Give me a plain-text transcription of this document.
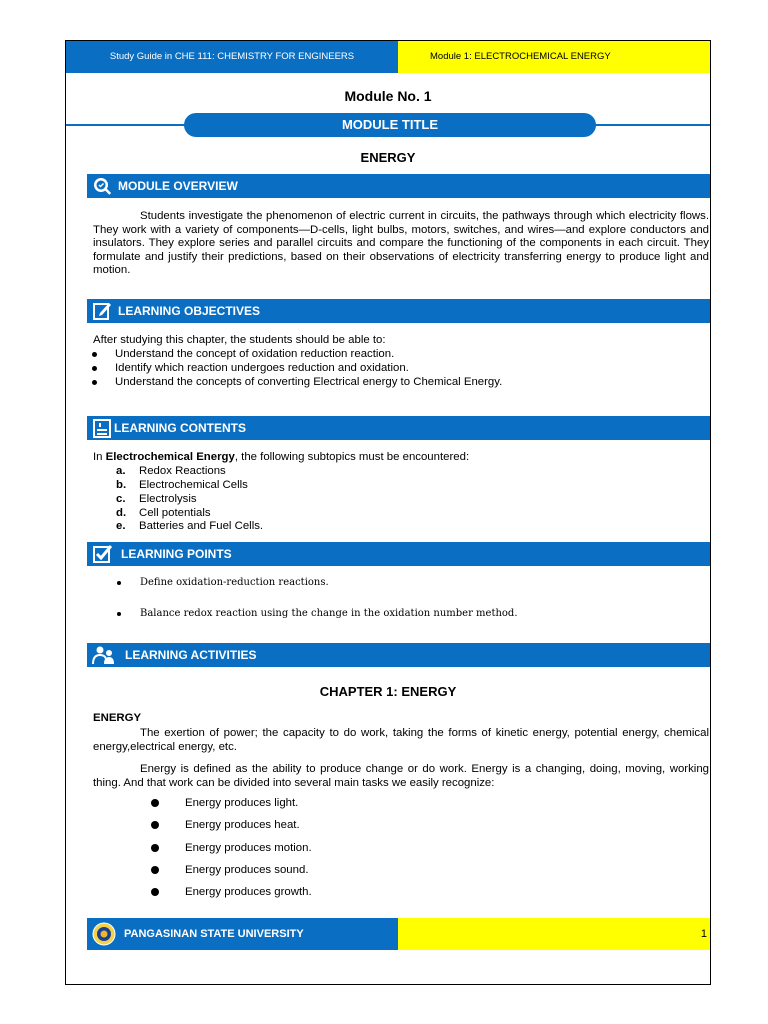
Study Guide in CHE 111: CHEMISTRY FOR ENGINEERS	Module 1: ELECTROCHEMICAL ENERGY
Module No. 1
MODULE TITLE
ENERGY
MODULE OVERVIEW
Students investigate the phenomenon of electric current in circuits, the pathways through which electricity flows. They work with a variety of components—D-cells, light bulbs, motors, switches, and wires—and explore conductors and insulators. They explore series and parallel circuits and compare the functioning of the components in each circuit. They formulate and justify their predictions, based on their observations of electricity transferring energy to produce light and motion.
LEARNING OBJECTIVES
After studying this chapter, the students should be able to:
Understand the concept of oxidation reduction reaction.
Identify which reaction undergoes reduction and oxidation.
Understand the concepts of converting Electrical energy to Chemical Energy.
LEARNING CONTENTS
In Electrochemical Energy, the following subtopics must be encountered:
a. Redox Reactions
b. Electrochemical Cells
c. Electrolysis
d. Cell potentials
e. Batteries and Fuel Cells.
LEARNING POINTS
Define oxidation-reduction reactions.
Balance redox reaction using the change in the oxidation number method.
LEARNING ACTIVITIES
CHAPTER 1: ENERGY
ENERGY
The exertion of power; the capacity to do work, taking the forms of kinetic energy, potential energy, chemical energy,electrical energy, etc.
Energy is defined as the ability to produce change or do work. Energy is a changing, doing, moving, working thing. And that work can be divided into several main tasks we easily recognize:
Energy produces light.
Energy produces heat.
Energy produces motion.
Energy produces sound.
Energy produces growth.
PANGASINAN STATE UNIVERSITY	1
